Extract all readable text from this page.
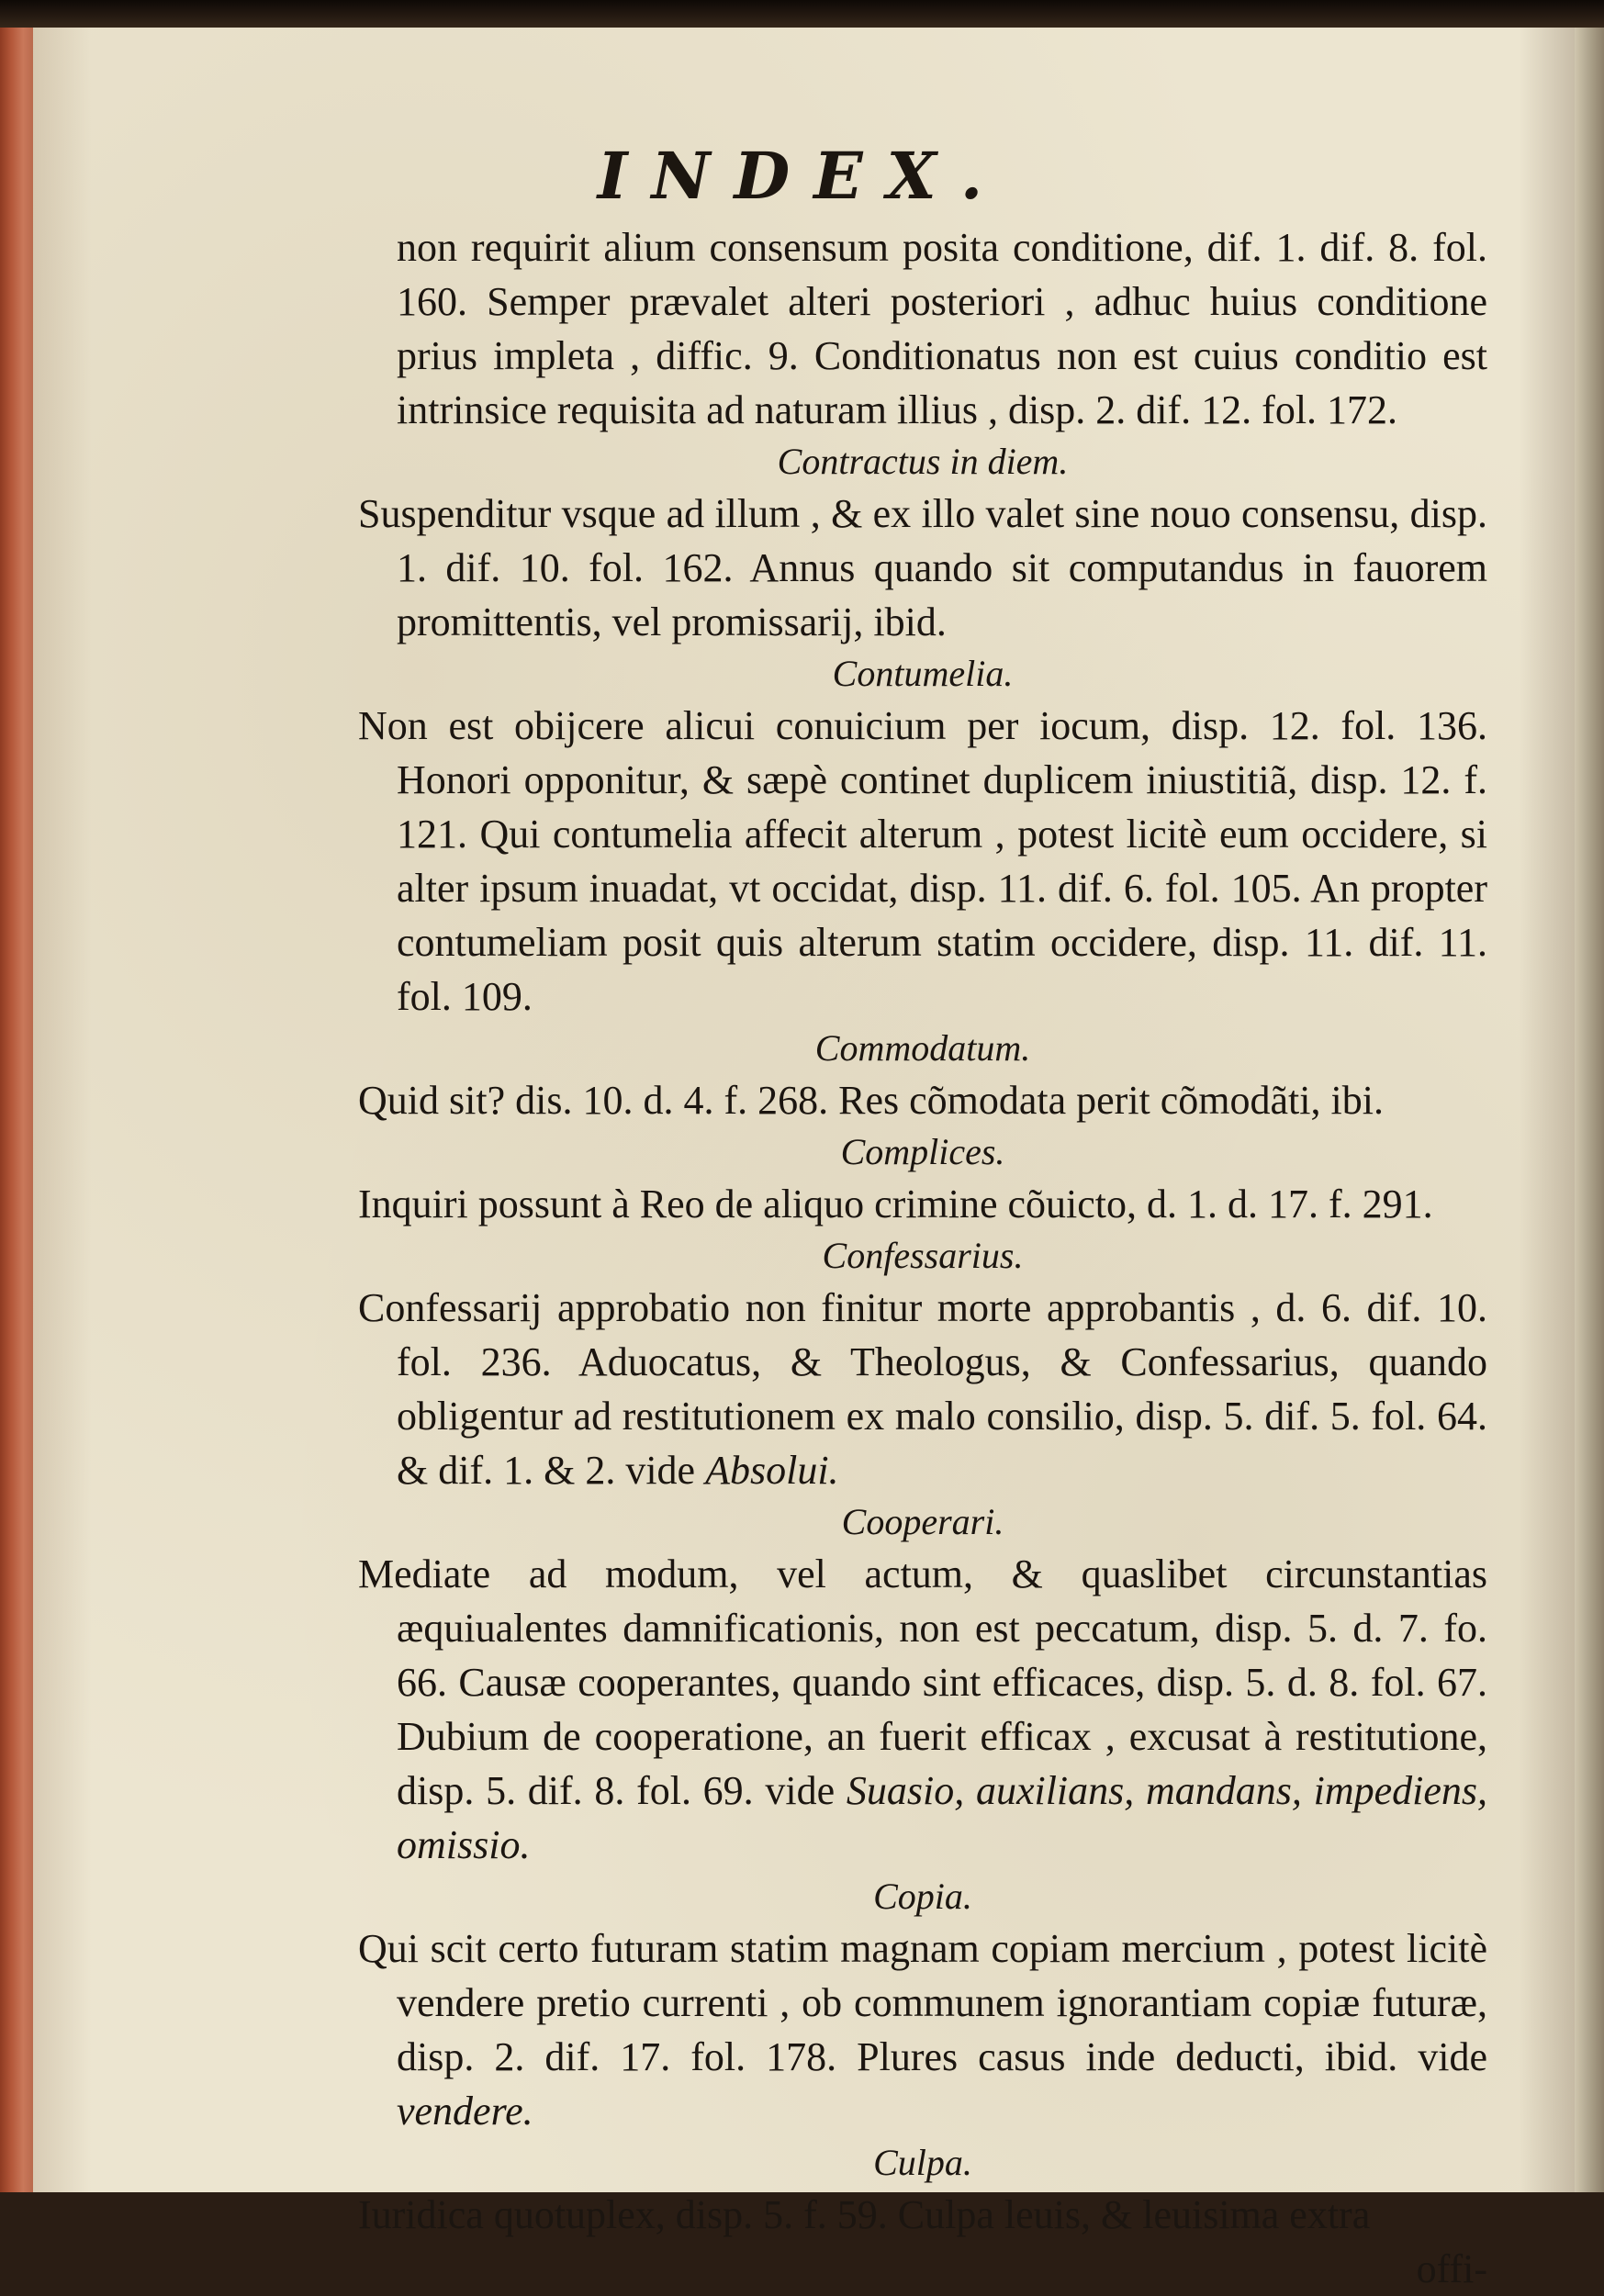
INDEX.

non requirit alium consensum posita conditione, dif. 1. dif. 8. fol. 160. Semper prævalet alteri posteriori , adhuc huius conditione prius impleta , diffic. 9. Conditionatus non est cuius conditio est intrinsice requisita ad naturam illius , disp. 2. dif. 12. fol. 172.

Contractus in diem.

Suspenditur vsque ad illum , & ex illo valet sine nouo consensu, disp. 1. dif. 10. fol. 162. Annus quando sit computandus in fauorem promittentis, vel promissarij, ibid.

Contumelia.

Non est obijcere alicui conuicium per iocum, disp. 12. fol. 136. Honori opponitur, & sæpè continet duplicem iniustitiã, disp. 12. f. 121. Qui contumelia affecit alterum , potest licitè eum occidere, si alter ipsum inuadat, vt occidat, disp. 11. dif. 6. fol. 105. An propter contumeliam posit quis alterum statim occidere, disp. 11. dif. 11. fol. 109.

Commodatum.

Quid sit? dis. 10. d. 4. f. 268. Res cõmodata perit cõmodãti, ibi.

Complices.

Inquiri possunt à Reo de aliquo crimine cõuicto, d. 1. d. 17. f. 291.

Confessarius.

Confessarij approbatio non finitur morte approbantis , d. 6. dif. 10. fol. 236. Aduocatus, & Theologus, & Confessarius, quando obligentur ad restitutionem ex malo consilio, disp. 5. dif. 5. fol. 64. & dif. 1. & 2. vide Absolui.

Cooperari.

Mediate ad modum, vel actum, & quaslibet circunstantias æquiualentes damnificationis, non est peccatum, disp. 5. d. 7. fo. 66. Causæ cooperantes, quando sint efficaces, disp. 5. d. 8. fol. 67. Dubium de cooperatione, an fuerit efficax , excusat à restitutione, disp. 5. dif. 8. fol. 69. vide Suasio, auxilians, mandans, impediens, omissio.

Copia.

Qui scit certo futuram statim magnam copiam mercium , potest licitè vendere pretio currenti , ob communem ignorantiam copiæ futuræ, disp. 2. dif. 17. fol. 178. Plures casus inde deducti, ibid. vide vendere.

Culpa.

Iuridica quotuplex, disp. 5. f. 59. Culpa leuis, & leuisima extra

offi-
